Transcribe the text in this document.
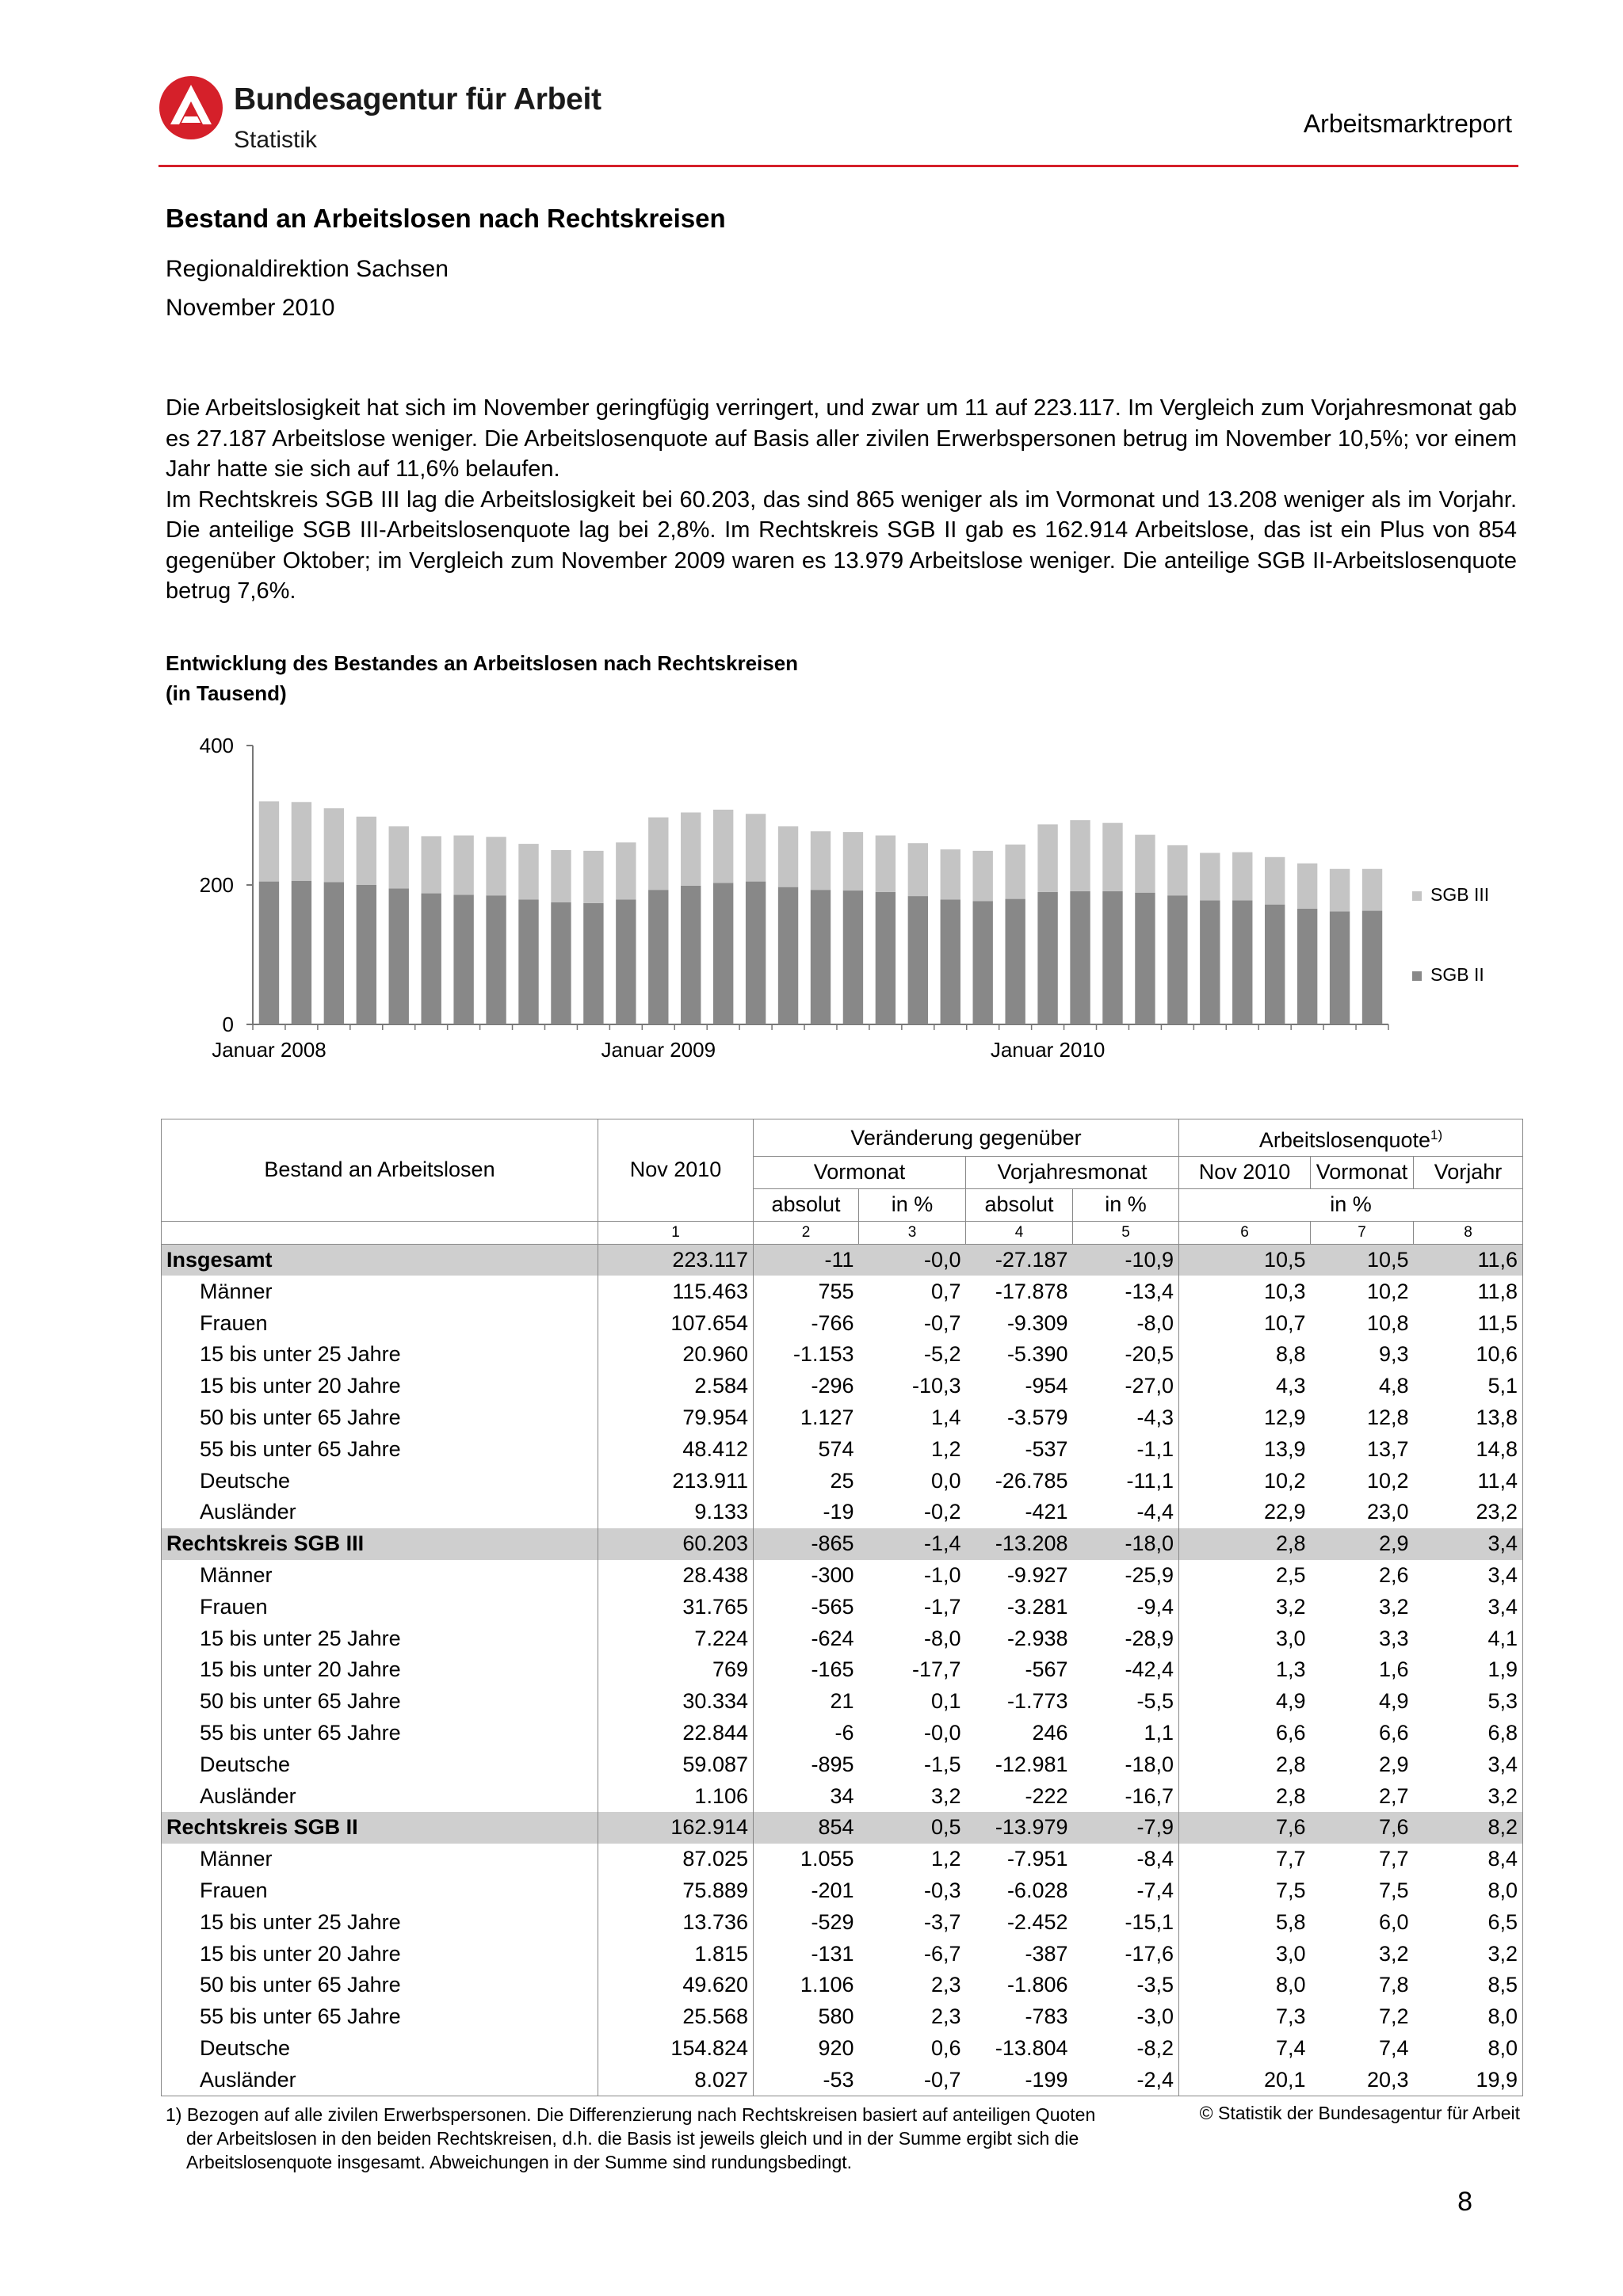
Bundesagentur für Arbeit
Statistik
Arbeitsmarktreport
Bestand an Arbeitslosen nach Rechtskreisen
Regionaldirektion Sachsen
November 2010

Die Arbeitslosigkeit hat sich im November geringfügig verringert, und zwar um 11 auf 223.117. Im Vergleich zum Vorjahresmonat gab es 27.187 Arbeitslose weniger. Die Arbeitslosenquote auf Basis aller zivilen Erwerbspersonen betrug im November 10,5%; vor einem Jahr hatte sie sich auf 11,6% belaufen.

Im Rechtskreis SGB III lag die Arbeitslosigkeit bei 60.203, das sind 865 weniger als im Vormonat und 13.208 weniger als im Vorjahr. Die anteilige SGB III-Arbeitslosenquote lag bei 2,8%. Im Rechtskreis SGB II gab es 162.914 Arbeitslose, das ist ein Plus von 854 gegenüber Oktober; im Vergleich zum November 2009 waren es 13.979 Arbeitslose weniger. Die anteilige SGB II-Arbeitslosenquote betrug 7,6%.

Entwicklung des Bestandes an Arbeitslosen nach Rechtskreisen
(in Tausend)
0
200
400
Januar 2008	Januar 2009	Januar 2010
SGB III
SGB II
Bestand an Arbeitslosen	Nov 2010	Veränderung gegenüber				Arbeitslosenquote$^{1)}$
		Vormonat		Vorjahresmonat		Nov 2010	Vormonat	Vorjahr
		absolut	in %	absolut	in %	in %		
	1	2	3	4	5	6	7	8
Insgesamt	223.117	-11	-0,0	-27.187	-10,9	10,5	10,5	11,6
Männer	115.463	755	0,7	-17.878	-13,4	10,3	10,2	11,8
Frauen	107.654	-766	-0,7	-9.309	-8,0	10,7	10,8	11,5
15 bis unter 25 Jahre	20.960	-1.153	-5,2	-5.390	-20,5	8,8	9,3	10,6
15 bis unter 20 Jahre	2.584	-296	-10,3	-954	-27,0	4,3	4,8	5,1
50 bis unter 65 Jahre	79.954	1.127	1,4	-3.579	-4,3	12,9	12,8	13,8
55 bis unter 65 Jahre	48.412	574	1,2	-537	-1,1	13,9	13,7	14,8
Deutsche	213.911	25	0,0	-26.785	-11,1	10,2	10,2	11,4
Ausländer	9.133	-19	-0,2	-421	-4,4	22,9	23,0	23,2
Rechtskreis SGB III	60.203	-865	-1,4	-13.208	-18,0	2,8	2,9	3,4
Männer	28.438	-300	-1,0	-9.927	-25,9	2,5	2,6	3,4
Frauen	31.765	-565	-1,7	-3.281	-9,4	3,2	3,2	3,4
15 bis unter 25 Jahre	7.224	-624	-8,0	-2.938	-28,9	3,0	3,3	4,1
15 bis unter 20 Jahre	769	-165	-17,7	-567	-42,4	1,3	1,6	1,9
50 bis unter 65 Jahre	30.334	21	0,1	-1.773	-5,5	4,9	4,9	5,3
55 bis unter 65 Jahre	22.844	-6	-0,0	246	1,1	6,6	6,6	6,8
Deutsche	59.087	-895	-1,5	-12.981	-18,0	2,8	2,9	3,4
Ausländer	1.106	34	3,2	-222	-16,7	2,8	2,7	3,2
Rechtskreis SGB II	162.914	854	0,5	-13.979	-7,9	7,6	7,6	8,2
Männer	87.025	1.055	1,2	-7.951	-8,4	7,7	7,7	8,4
Frauen	75.889	-201	-0,3	-6.028	-7,4	7,5	7,5	8,0
15 bis unter 25 Jahre	13.736	-529	-3,7	-2.452	-15,1	5,8	6,0	6,5
15 bis unter 20 Jahre	1.815	-131	-6,7	-387	-17,6	3,0	3,2	3,2
50 bis unter 65 Jahre	49.620	1.106	2,3	-1.806	-3,5	8,0	7,8	8,5
55 bis unter 65 Jahre	25.568	580	2,3	-783	-3,0	7,3	7,2	8,0
Deutsche	154.824	920	0,6	-13.804	-8,2	7,4	7,4	8,0
Ausländer	8.027	-53	-0,7	-199	-2,4	20,1	20,3	19,9
1) Bezogen auf alle zivilen Erwerbspersonen. Die Differenzierung nach Rechtskreisen basiert auf anteiligen Quoten
der Arbeitslosen in den beiden Rechtskreisen, d.h. die Basis ist jeweils gleich und in der Summe ergibt sich die
Arbeitslosenquote insgesamt. Abweichungen in der Summe sind rundungsbedingt.
© Statistik der Bundesagentur für Arbeit
8
